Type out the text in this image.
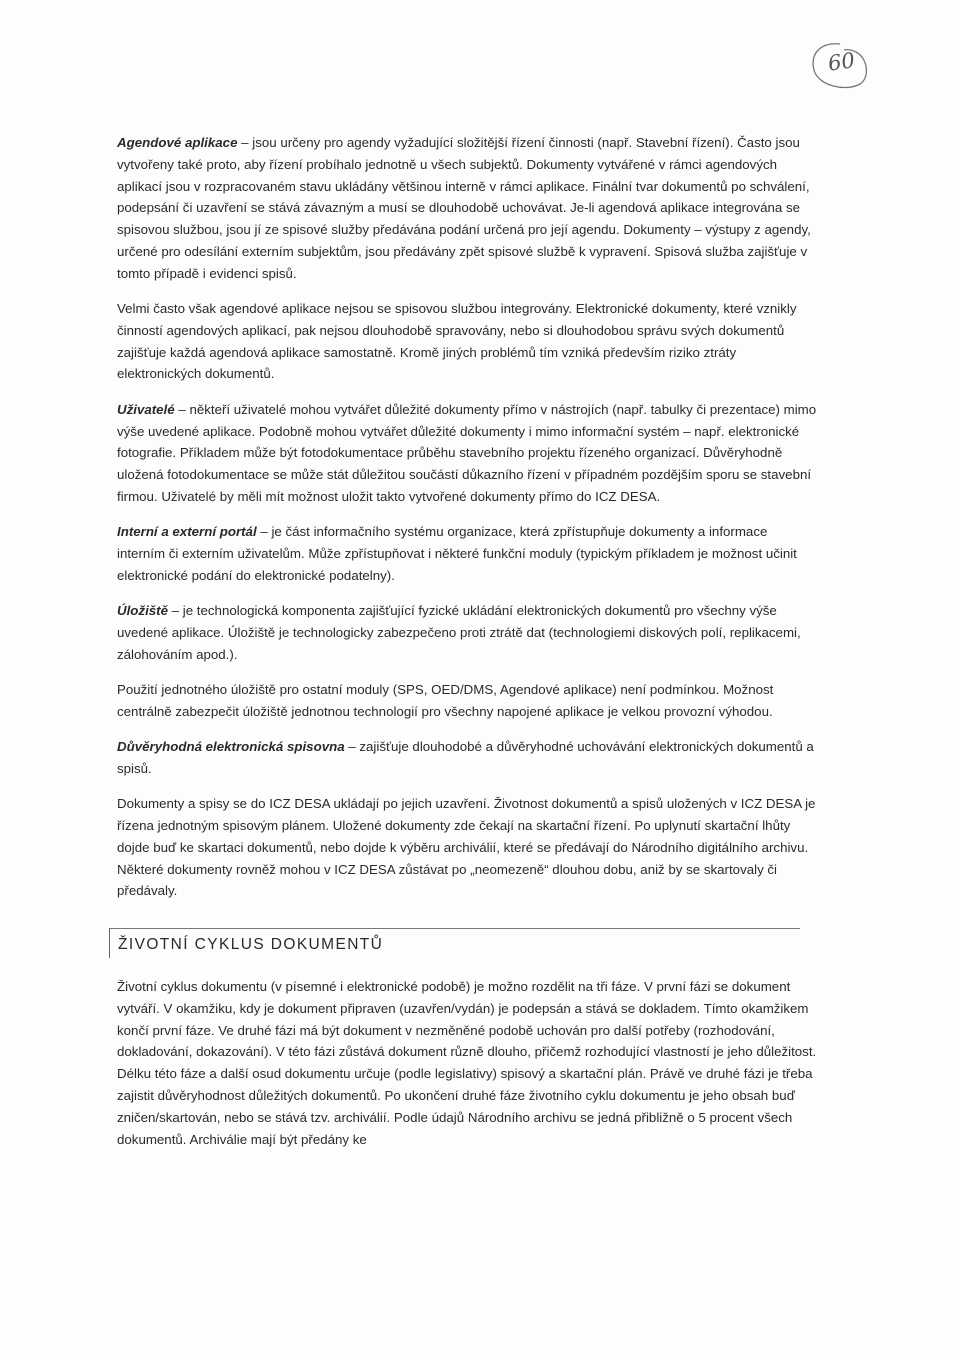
60

Agendové aplikace – jsou určeny pro agendy vyžadující složitější řízení činnosti (např. Stavební řízení). Často jsou vytvořeny také proto, aby řízení probíhalo jednotně u všech subjektů. Dokumenty vytvářené v rámci agendových aplikací jsou v rozpracovaném stavu ukládány většinou interně v rámci aplikace. Finální tvar dokumentů po schválení, podepsání či uzavření se stává závazným a musí se dlouhodobě uchovávat. Je-li agendová aplikace integrována se spisovou službou, jsou jí ze spisové služby předávána podání určená pro její agendu. Dokumenty – výstupy z agendy, určené pro odesílání externím subjektům, jsou předávány zpět spisové službě k vypravení. Spisová služba zajišťuje v tomto případě i evidenci spisů.

Velmi často však agendové aplikace nejsou se spisovou službou integrovány. Elektronické dokumenty, které vznikly činností agendových aplikací, pak nejsou dlouhodobě spravovány, nebo si dlouhodobou správu svých dokumentů zajišťuje každá agendová aplikace samostatně. Kromě jiných problémů tím vzniká především riziko ztráty elektronických dokumentů.

Uživatelé – někteří uživatelé mohou vytvářet důležité dokumenty přímo v nástrojích (např. tabulky či prezentace) mimo výše uvedené aplikace. Podobně mohou vytvářet důležité dokumenty i mimo informační systém – např. elektronické fotografie. Příkladem může být fotodokumentace průběhu stavebního projektu řízeného organizací. Důvěryhodně uložená fotodokumentace se může stát důležitou součástí důkazního řízení v případném pozdějším sporu se stavební firmou. Uživatelé by měli mít možnost uložit takto vytvořené dokumenty přímo do ICZ DESA.

Interní a externí portál – je část informačního systému organizace, která zpřístupňuje dokumenty a informace interním či externím uživatelům. Může zpřístupňovat i některé funkční moduly (typickým příkladem je možnost učinit elektronické podání do elektronické podatelny).

Úložiště – je technologická komponenta zajišťující fyzické ukládání elektronických dokumentů pro všechny výše uvedené aplikace. Úložiště je technologicky zabezpečeno proti ztrátě dat (technologiemi diskových polí, replikacemi, zálohováním apod.).

Použití jednotného úložiště pro ostatní moduly (SPS, OED/DMS, Agendové aplikace) není podmínkou. Možnost centrálně zabezpečit úložiště jednotnou technologií pro všechny napojené aplikace je velkou provozní výhodou.

Důvěryhodná elektronická spisovna – zajišťuje dlouhodobé a důvěryhodné uchovávání elektronických dokumentů a spisů.

Dokumenty a spisy se do ICZ DESA ukládají po jejich uzavření. Životnost dokumentů a spisů uložených v ICZ DESA je řízena jednotným spisovým plánem. Uložené dokumenty zde čekají na skartační řízení. Po uplynutí skartační lhůty dojde buď ke skartaci dokumentů, nebo dojde k výběru archiválií, které se předávají do Národního digitálního archivu. Některé dokumenty rovněž mohou v ICZ DESA zůstávat po „neomezeně“ dlouhou dobu, aniž by se skartovaly či předávaly.

ŽIVOTNÍ CYKLUS DOKUMENTŮ

Životní cyklus dokumentu (v písemné i elektronické podobě) je možno rozdělit na tři fáze. V první fázi se dokument vytváří. V okamžiku, kdy je dokument připraven (uzavřen/vydán) je podepsán a stává se dokladem. Tímto okamžikem končí první fáze. Ve druhé fázi má být dokument v nezměněné podobě uchován pro další potřeby (rozhodování, dokladování, dokazování). V této fázi zůstává dokument různě dlouho, přičemž rozhodující vlastností je jeho důležitost. Délku této fáze a další osud dokumentu určuje (podle legislativy) spisový a skartační plán. Právě ve druhé fázi je třeba zajistit důvěryhodnost důležitých dokumentů. Po ukončení druhé fáze životního cyklu dokumentu je jeho obsah buď zničen/skartován, nebo se stává tzv. archiválií. Podle údajů Národního archivu se jedná přibližně o 5 procent všech dokumentů. Archiválie mají být předány ke
